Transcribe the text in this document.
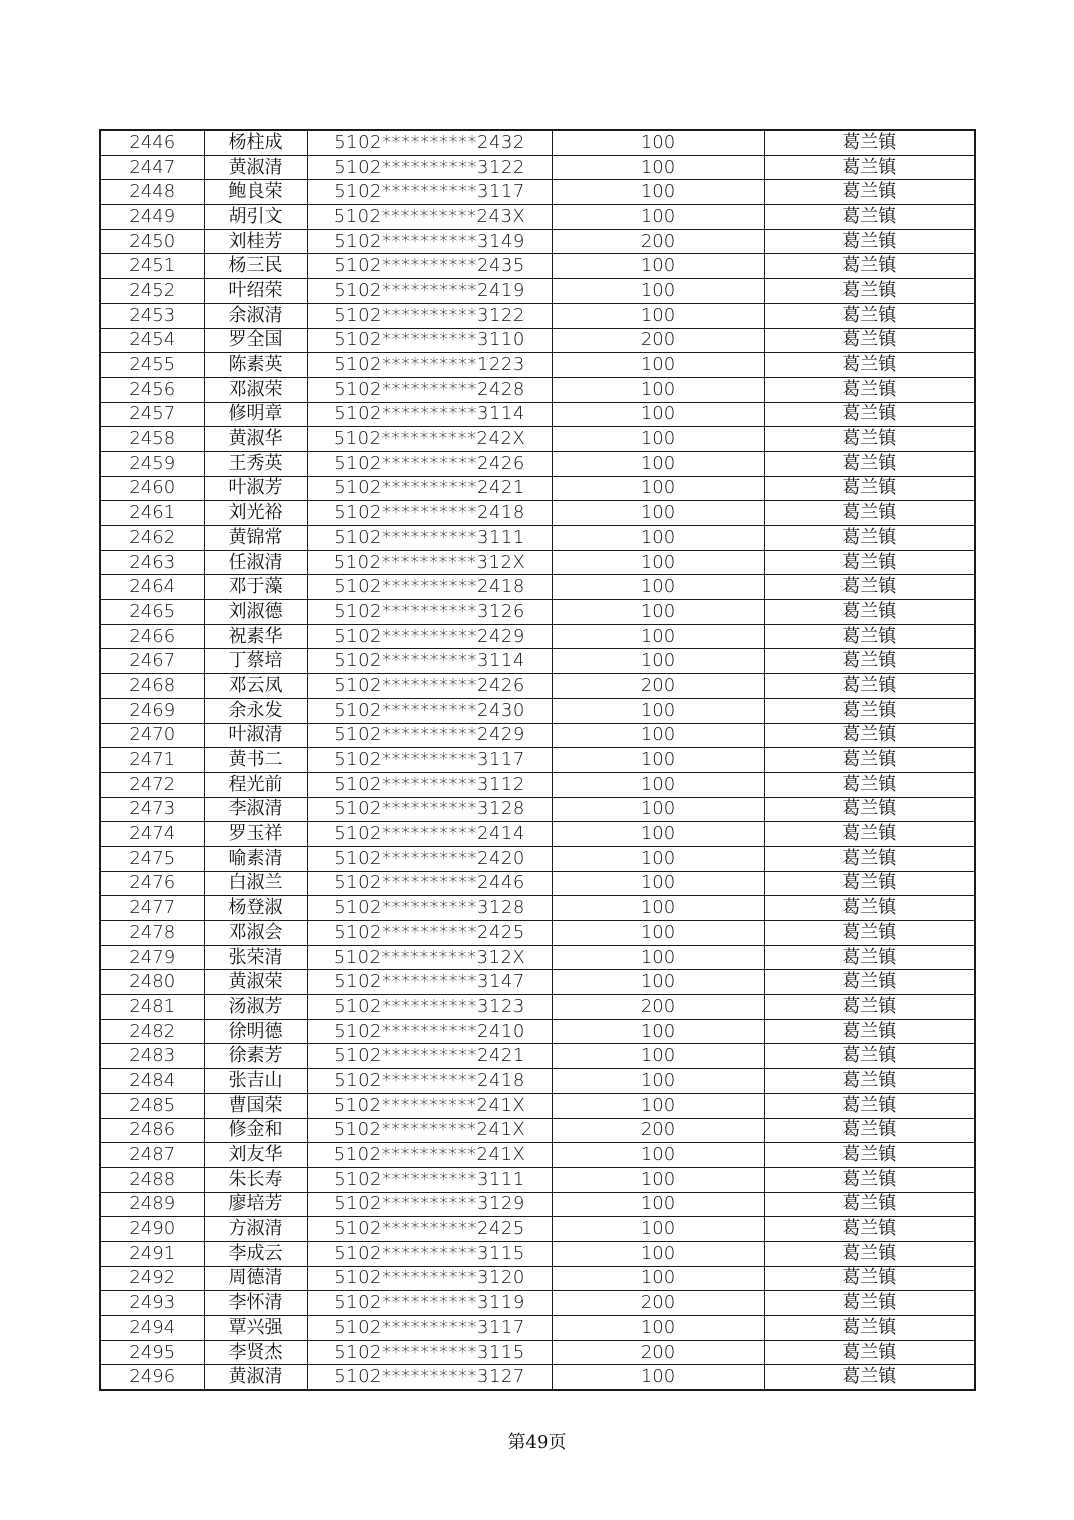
2446	杨柱成	5102**********2432	100	葛兰镇
2447	黄淑清	5102**********3122	100	葛兰镇
2448	鲍良荣	5102**********3117	100	葛兰镇
2449	胡引文	5102**********243X	100	葛兰镇
2450	刘桂芳	5102**********3149	200	葛兰镇
2451	杨三民	5102**********2435	100	葛兰镇
2452	叶绍荣	5102**********2419	100	葛兰镇
2453	余淑清	5102**********3122	100	葛兰镇
2454	罗全国	5102**********3110	200	葛兰镇
2455	陈素英	5102**********1223	100	葛兰镇
2456	邓淑荣	5102**********2428	100	葛兰镇
2457	修明章	5102**********3114	100	葛兰镇
2458	黄淑华	5102**********242X	100	葛兰镇
2459	王秀英	5102**********2426	100	葛兰镇
2460	叶淑芳	5102**********2421	100	葛兰镇
2461	刘光裕	5102**********2418	100	葛兰镇
2462	黄锦常	5102**********3111	100	葛兰镇
2463	任淑清	5102**********312X	100	葛兰镇
2464	邓于藻	5102**********2418	100	葛兰镇
2465	刘淑德	5102**********3126	100	葛兰镇
2466	祝素华	5102**********2429	100	葛兰镇
2467	丁蔡培	5102**********3114	100	葛兰镇
2468	邓云凤	5102**********2426	200	葛兰镇
2469	余永发	5102**********2430	100	葛兰镇
2470	叶淑清	5102**********2429	100	葛兰镇
2471	黄书二	5102**********3117	100	葛兰镇
2472	程光前	5102**********3112	100	葛兰镇
2473	李淑清	5102**********3128	100	葛兰镇
2474	罗玉祥	5102**********2414	100	葛兰镇
2475	喻素清	5102**********2420	100	葛兰镇
2476	白淑兰	5102**********2446	100	葛兰镇
2477	杨登淑	5102**********3128	100	葛兰镇
2478	邓淑会	5102**********2425	100	葛兰镇
2479	张荣清	5102**********312X	100	葛兰镇
2480	黄淑荣	5102**********3147	100	葛兰镇
2481	汤淑芳	5102**********3123	200	葛兰镇
2482	徐明德	5102**********2410	100	葛兰镇
2483	徐素芳	5102**********2421	100	葛兰镇
2484	张吉山	5102**********2418	100	葛兰镇
2485	曹国荣	5102**********241X	100	葛兰镇
2486	修金和	5102**********241X	200	葛兰镇
2487	刘友华	5102**********241X	100	葛兰镇
2488	朱长寿	5102**********3111	100	葛兰镇
2489	廖培芳	5102**********3129	100	葛兰镇
2490	方淑清	5102**********2425	100	葛兰镇
2491	李成云	5102**********3115	100	葛兰镇
2492	周德清	5102**********3120	100	葛兰镇
2493	李怀清	5102**********3119	200	葛兰镇
2494	覃兴强	5102**********3117	100	葛兰镇
2495	李贤杰	5102**********3115	200	葛兰镇
2496	黄淑清	5102**********3127	100	葛兰镇
第49页
